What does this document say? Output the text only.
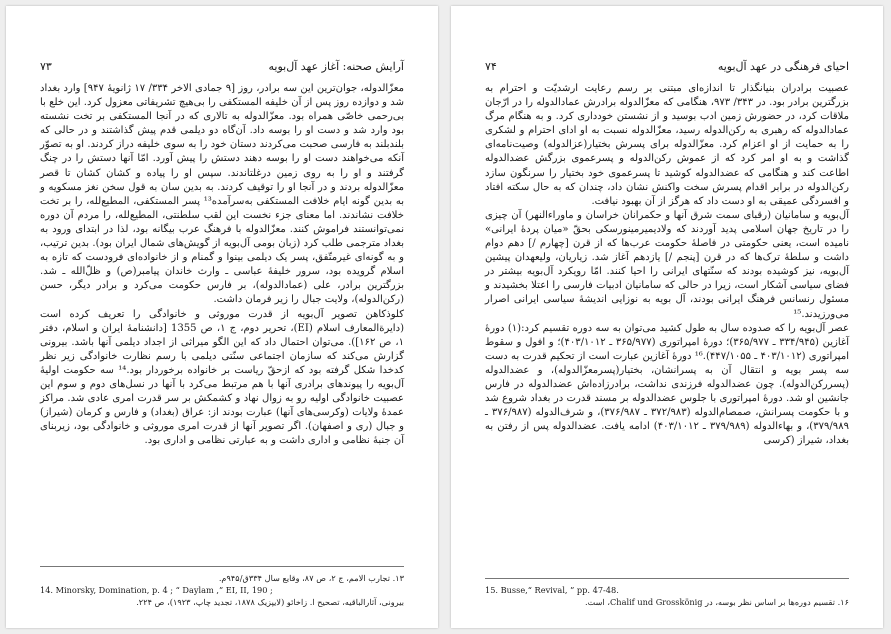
آرایش صحنه: آغاز عهد آل‌بویه
۷۳

معزّالدوله، جوان‌ترین این سه برادر، روز [۹ جمادی الاخر ۳۳۴/ ۱۷ ژانویهٔ ۹۴۷] وارد بغداد شد و دوازده روز پس از آن خلیفه المستکفی را بی‌هیچ تشریفاتی معزول کرد. این خلع با بی‌رحمی خاصّی همراه بود. معزّالدوله به تالاری که در آنجا المستکفی بر تخت نشسته بود وارد شد و دست او را بوسه داد. آن‌گاه دو دیلمی قدم پیش گذاشتند و در حالی که بلندبلند به فارسی صحبت می‌کردند دستان خود را به سوی خلیفه دراز کردند. او به تصوّر آنکه می‌خواهند دست او را بوسه دهند دستش را پیش آورد. امّا آنها دستش را در چنگ گرفتند و او را به روی زمین درغلتاندند. سپس او را پیاده و کشان کشان تا قصر معزّالدوله بردند و در آنجا او را توقیف کردند. به بدین سان به قول سخن نغز مسکویه و به بدین گونه ایام خلافت المستکفی به‌سرآمده¹³ پسر المستکفی، المطیع‌لله، را بر تخت خلافت نشاندند. اما معنای جزء نخست این لقب سلطنتی، المطیع‌لله، را مردم آن دوره نمی‌توانستند فراموش کنند. معزّالدوله با فرهنگ عرب بیگانه بود، لذا در ابتدای ورود به بغداد مترجمی طلب کرد (زبان بومی آل‌بویه از گویش‌های شمال ایران بود). بدین ترتیب، و به گونه‌ای غیرمتّفق، پسر یک دیلمی بینوا و گمنام و از خانواده‌ای فرودست که تازه به اسلام گرویده بود، سرور خلیفهٔ عباسی ـ وارث خاندان پیامبر(ص) و ظلّ‌الله ـ شد. بزرگترین برادر، علی (عمادالدوله)، بر فارس حکومت می‌کرد و برادر دیگر، حسن (رکن‌الدوله)، ولایت جبال را زیر فرمان داشت.

کلوذکاهن تصویر آل‌بویه از قدرت موروثی و خانوادگی را تعریف کرده است (دایرة‌المعارف اسلام (EI)، تحریر دوم، ج ۱، ص 1355 [دانشنامهٔ ایران و اسلام، دفتر ۱، ص ۱۶۲]). می‌توان احتمال داد که این الگو میراثی از اجداد دیلمی آنها باشد. بیرونی گزارش می‌کند که سازمان اجتماعی سنّتی دیلمی با رسم نظارت خانوادگی زیر نظر کدخدا شکل گرفته بود که ازحقّ ریاست بر خانواده برخوردار بود.¹⁴ سه حکومت اولیهٔ آل‌بویه را پیوندهای برادری آنها با هم مرتبط می‌کرد با آنها در نسل‌های دوم و سوم این عصبیت خانوادگی اولیه رو به زوال نهاد و کشمکش بر سر قدرت امری عادی شد. مراکز عمدهٔ ولایات (وکرسی‌های آنها) عبارت بودند از: عراق (بغداد) و فارس و کرمان (شیراز) و جبال (ری و اصفهان). اگر تصویر آنها از قدرت امری موروثی و خانوادگی بود، زیربنای آن جنبهٔ نظامی و اداری داشت و به عبارتی نظامی و اداری بود.

۱۳. تجارب الامم، ج ۲، ص ۸۷، وقایع سال ۳۳۴ق/۹۴۵م.
14. Minorsky, Domination, p. 4 ; “ Daylam ,” EI, II, 190 ;
بیرونی، آثارالباقیه، تصحیح ا. زاخائو (لایپزیک ۱۸۷۸، تجدید چاپ، ۱۹۲۳)، ص ۲۲۴.
احیای فرهنگی در عهد آل‌بویه
۷۴

عصبیت برادران بنیانگذار تا اندازه‌ای مبتنی بر رسم رعایت ارشدیّت و احترام به بزرگترین برادر بود. در ۳۴۳/ ۹۷۳، هنگامی که معزّالدوله برادرش عمادالدوله را در ارّجان ملاقات کرد، در حضورش زمین ادب بوسید و از نشستن خودداری کرد. و به هنگام مرگ عمادالدوله که رهبری به رکن‌الدوله رسید، معزّالدوله نسبت به او ادای احترام و لشکری را به حمایت از او اعزام کرد. معزّالدوله برای پسرش بختیار(عزالدوله) وصیت‌نامه‌ای گذاشت و به او امر کرد که از عموش رکن‌الدوله و پسرعموی بزرگش عضدالدوله اطاعت کند و هنگامی که عضدالدوله کوشید تا پسرعموی خود بختیار را سرنگون سازد رکن‌الدوله در برابر اقدام پسرش سخت واکنش نشان داد، چندان که به حال سکته افتاد و افسردگی عمیقی به او دست داد که هرگز از آن بهبود نیافت.

آل‌بویه و سامانیان (رقبای سمت شرق آنها و حکمرانان خراسان و ماوراءالنهر) آن چیزی را در تاریخ جهان اسلامی پدید آوردند که ولادیمیرمینورسکی بحقّ «میان پردهٔ ایرانی» نامیده است، یعنی حکومتی در فاصلهٔ حکومت عرب‌ها که از قرن [چهارم /] دهم دوام داشت و سلطهٔ ترک‌ها که در قرن [پنجم /] یازدهم آغاز شد. زیاریان، ولیعهدان پیشین آل‌بویه، نیز کوشیده بودند که سنّتهای ایرانی را احیا کنند. امّا رویکرد آل‌بویه بیشتر در فضای سیاسی آشکار است، زیرا در حالی که سامانیان ادبیات فارسی را اعتلا بخشیدند و مسئول رنسانس فرهنگ ایرانی بودند، آل بویه به نوزایی اندیشهٔ سیاسی ایرانی اصرار می‌ورزیدند.¹⁵

عصر آل‌بویه را که صدوده سال به طول کشید می‌توان به سه دوره تقسیم کرد:(۱) دورهٔ آغازین (۳۳۴/۹۴۵ ـ ۳۶۵/۹۷۷)؛ دورهٔ امپراتوری (۳۶۵/۹۷۷ ـ ۴۰۳/۱۰۱۲)؛ و افول و سقوط امپراتوری (۴۰۳/۱۰۱۲ ـ ۴۴۷/۱۰۵۵).¹⁶ دورهٔ آغازین عبارت است از تحکیم قدرت به دست سه پسر بویه و انتقال آن به پسرانشان، بختیار(پسرمعزّالدوله)، و عضدالدوله (پسررکن‌الدوله). چون عضدالدوله فرزندی نداشت، برادرزاده‌اش عضدالدوله در فارس جانشین او شد. دورهٔ امپراتوری با جلوس عضدالدوله بر مسند قدرت در بغداد شروع شد و با حکومت پسرانش، صمصام‌الدوله (۳۷۲/۹۸۳ ـ ۳۷۶/۹۸۷)، و شرف‌الدوله (۳۷۶/۹۸۷ ـ ۳۷۹/۹۸۹)، و بهاءالدوله (۳۷۹/۹۸۹ ـ ۴۰۳/۱۰۱۲) ادامه یافت. عضدالدوله پس از رفتن به بغداد، شیراز (کرسی

15. Busse,“ Revival, ” pp. 47-48.
۱۶. تقسیم دوره‌ها بر اساس نظر بوسه، در Chalif und Grosskönig، است.
